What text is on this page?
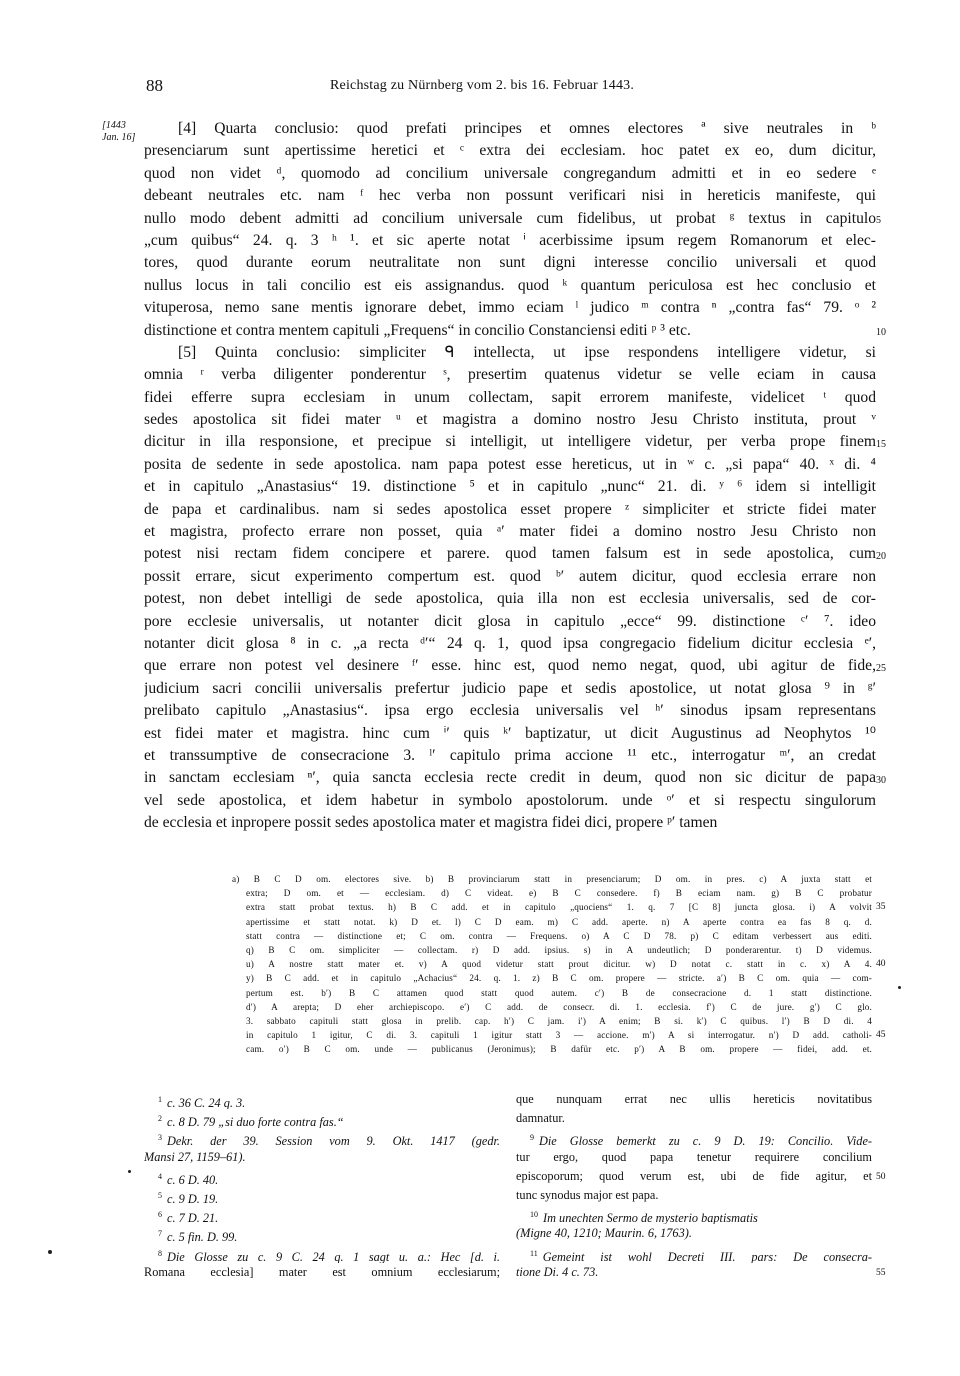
88	Reichstag zu Nürnberg vom 2. bis 16. Februar 1443.
[1443
Jan. 16]
[4] Quarta conclusio: quod prefati principes et omnes electores ª sive neutrales in ᵇ
presenciarum sunt apertissime heretici et ᶜ extra dei ecclesiam. hoc patet ex eo, dum dicitur,
quod non videt ᵈ, quomodo ad concilium universale congregandum admitti et in eo sedere ᵉ
debeant neutrales etc. nam ᶠ hec verba non possunt verificari nisi in hereticis manifeste, qui
nullo modo debent admitti ad concilium universale cum fidelibus, ut probat ᵍ textus in capitulo
„cum quibus“ 24. q. 3 ʰ ¹. et sic aperte notat ⁱ acerbissime ipsum regem Romanorum et elec-
tores, quod durante eorum neutralitate non sunt digni interesse concilio universali et quod
nullus locus in tali concilio est eis assignandus. quod ᵏ quantum periculosa est hec conclusio et
vituperosa, nemo sane mentis ignorare debet, immo eciam ˡ judico ᵐ contra ⁿ „contra fas“ 79. ᵒ ²
distinctione et contra mentem capituli „Frequens“ in concilio Constanciensi editi ᵖ ³ etc.
[5] Quinta conclusio: simpliciter ᑫ intellecta, ut ipse respondens intelligere videtur, si
omnia ʳ verba diligenter ponderentur ˢ, presertim quatenus videtur se velle eciam in causa
fidei efferre supra ecclesiam in unum collectam, sapit errorem manifeste, videlicet ᵗ quod
sedes apostolica sit fidei mater ᵘ et magistra a domino nostro Jesu Christo instituta, prout ᵛ
dicitur in illa responsione, et precipue si intelligit, ut intelligere videtur, per verba prope finem
posita de sedente in sede apostolica. nam papa potest esse hereticus, ut in ʷ c. „si papa“ 40. ˣ di. ⁴
et in capitulo „Anastasius“ 19. distinctione ⁵ et in capitulo „nunc“ 21. di. ʸ ⁶ idem si intelligit
de papa et cardinalibus. nam si sedes apostolica esset propere ᶻ simpliciter et stricte fidei mater
et magistra, profecto errare non posset, quia ᵃ′ mater fidei a domino nostro Jesu Christo non
potest nisi rectam fidem concipere et parere. quod tamen falsum est in sede apostolica, cum
possit errare, sicut experimento compertum est. quod ᵇ′ autem dicitur, quod ecclesia errare non
potest, non debet intelligi de sede apostolica, quia illa non est ecclesia universalis, sed de cor-
pore ecclesie universalis, ut notanter dicit glosa in capitulo „ecce“ 99. distinctione ᶜ′ ⁷. ideo
notanter dicit glosa ⁸ in c. „a recta ᵈ′“ 24 q. 1, quod ipsa congregacio fidelium dicitur ecclesia ᵉ′,
que errare non potest vel desinere ᶠ′ esse. hinc est, quod nemo negat, quod, ubi agitur de fide,
judicium sacri concilii universalis prefertur judicio pape et sedis apostolice, ut notat glosa ⁹ in ᵍ′
prelibato capitulo „Anastasius“. ipsa ergo ecclesia universalis vel ʰ′ sinodus ipsam representans
est fidei mater et magistra. hinc cum ⁱ′ quis ᵏ′ baptizatur, ut dicit Augustinus ad Neophytos ¹⁰
et transsumptive de consecracione 3. ˡ′ capitulo prima accione ¹¹ etc., interrogatur ᵐ′, an credat
in sanctam ecclesiam ⁿ′, quia sancta ecclesia recte credit in deum, quod non sic dicitur de papa
vel sede apostolica, et idem habetur in symbolo apostolorum. unde ᵒ′ et si respectu singulorum
de ecclesia et inpropere possit sedes apostolica mater et magistra fidei dici, propere ᵖ′ tamen
5
10
15
20
25
30
a) B C D om. electores sive. b) B provinciarum statt in presenciarum; D om. in pres. c) A juxta statt et
extra; D om. et — ecclesiam. d) C videat. e) B C consedere. f) B eciam nam. g) B C probatur
extra statt probat textus. h) B C add. et in capitulo „quociens“ 1. q. 7 [C 8] juncta glosa. i) A volvit
apertissime et statt notat. k) D et. l) C D eam. m) C add. aperte. n) A aperte contra ea fas 8 q. d.
statt contra — distinctione et; C om. contra — Frequens. o) A C D 78. p) C editam verbessert aus editi.
q) B C om. simpliciter — collectam. r) D add. ipsius. s) in A undeutlich; D ponderarentur. t) D videmus.
u) A nostre statt mater et. v) A quod videtur statt prout dicitur. w) D notat c. statt in c. x) A 4.
y) B C add. et in capitulo „Achacius“ 24. q. 1. z) B C om. propere — stricte. a′) B C om. quia — com-
pertum est. b′) B C attamen quod statt quod autem. c′) B de consecracione d. 1 statt distinctione.
d′) A arepta; D eher archiepiscopo. e′) C add. de consecr. di. 1. ecclesia. f′) C de jure. g′) C glo.
3. sabbato capituli statt glosa in prelib. cap. h′) C jam. i′) A enim; B si. k′) C quibus. l′) B D di. 4
in capitulo 1 igitur, C di. 3. capituli 1 igitur statt 3 — accione. m′) A si interrogatur. n′) D add. catholi-
cam. o′) B C om. unde — publicanus (Jeronimus); B dafür etc. p′) A B om. propere — fidei, add. et.
35
40
45
$^1$ c. 36 C. 24 q. 3.
$^2$ c. 8 D. 79 „si duo forte contra fas.“
$^3$ Dekr. der 39. Session vom 9. Okt. 1417 (gedr.
Mansi 27, 1159–61).
$^4$ c. 6 D. 40.
$^5$ c. 9 D. 19.
$^6$ c. 7 D. 21.
$^7$ c. 5 fin. D. 99.
$^8$ Die Glosse zu c. 9 C. 24 q. 1 sagt u. a.: Hec [d. i.
Romana ecclesia] mater est omnium ecclesiarum;
que nunquam errat nec ullis hereticis novitatibus
damnatur.
$^9$ Die Glosse bemerkt zu c. 9 D. 19: Concilio. Vide-
tur ergo, quod papa tenetur requirere concilium
episcoporum; quod verum est, ubi de fide agitur, et
tunc synodus major est papa.
$^{10}$ Im unechten Sermo de mysterio baptismatis
(Migne 40, 1210; Maurin. 6, 1763).
$^{11}$ Gemeint ist wohl Decreti III. pars: De consecra-
tione Di. 4 c. 73.
50
55
